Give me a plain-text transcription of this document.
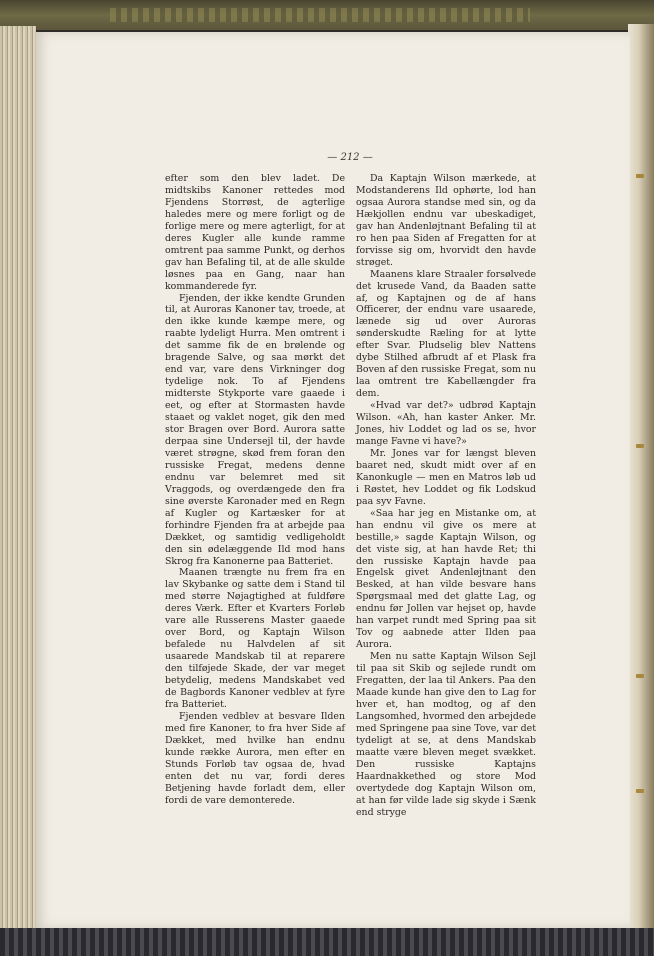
— 212 —

efter som den blev ladet. De midtskibs Kanoner rettedes mod Fjendens Storrøst, de agterlige haledes mere og mere forligt og de forlige mere og mere agterligt, for at deres Kugler alle kunde ramme omtrent paa samme Punkt, og derhos gav han Befaling til, at de alle skulde løsnes paa en Gang, naar han kommanderede fyr.

Fjenden, der ikke kendte Grunden til, at Auroras Kanoner tav, troede, at den ikke kunde kæmpe mere, og raabte lydeligt Hurra. Men omtrent i det samme fik de en brølende og bragende Salve, og saa mørkt det end var, vare dens Virkninger dog tydelige nok. To af Fjendens midterste Stykporte vare gaaede i eet, og efter at Stormasten havde staaet og vaklet noget, gik den med stor Bragen over Bord. Aurora satte derpaa sine Undersejl til, der havde været strøgne, skød frem foran den russiske Fregat, medens denne endnu var belemret med sit Vraggods, og overdængede den fra sine øverste Karonader med en Regn af Kugler og Kartæsker for at forhindre Fjenden fra at arbejde paa Dækket, og samtidig vedligeholdt den sin ødelæggende Ild mod hans Skrog fra Kanonerne paa Batteriet.

Maanen trængte nu frem fra en lav Skybanke og satte dem i Stand til med større Nøjagtighed at fuldføre deres Værk. Efter et Kvarters Forløb vare alle Russerens Master gaaede over Bord, og Kaptajn Wilson befalede nu Halvdelen af sit usaarede Mandskab til at reparere den tilføjede Skade, der var meget betydelig, medens Mandskabet ved de Bagbords Kanoner vedblev at fyre fra Batteriet.

Fjenden vedblev at besvare Ilden med fire Kanoner, to fra hver Side af Dækket, med hvilke han endnu kunde række Aurora, men efter en Stunds Forløb tav ogsaa de, hvad enten det nu var, fordi deres Betjening havde forladt dem, eller fordi de vare demonterede.

Da Kaptajn Wilson mærkede, at Modstanderens Ild ophørte, lod han ogsaa Aurora standse med sin, og da Hækjollen endnu var ubeskadiget, gav han Andenløjtnant Befaling til at ro hen paa Siden af Fregatten for at forvisse sig om, hvorvidt den havde strøget.

Maanens klare Straaler forsølvede det krusede Vand, da Baaden satte af, og Kaptajnen og de af hans Officerer, der endnu vare usaarede, lænede sig ud over Auroras sønderskudte Ræling for at lytte efter Svar. Pludselig blev Nattens dybe Stilhed afbrudt af et Plask fra Boven af den russiske Fregat, som nu laa omtrent tre Kabellængder fra dem.

«Hvad var det?» udbrød Kaptajn Wilson. «Ah, han kaster Anker. Mr. Jones, hiv Loddet og lad os se, hvor mange Favne vi have?»

Mr. Jones var for længst bleven baaret ned, skudt midt over af en Kanonkugle — men en Matros løb ud i Røstet, hev Loddet og fik Lodskud paa syv Favne.

«Saa har jeg en Mistanke om, at han endnu vil give os mere at bestille,» sagde Kaptajn Wilson, og det viste sig, at han havde Ret; thi den russiske Kaptajn havde paa Engelsk givet Andenløjtnant den Besked, at han vilde besvare hans Spørgsmaal med det glatte Lag, og endnu før Jollen var hejset op, havde han varpet rundt med Spring paa sit Tov og aabnede atter Ilden paa Aurora.

Men nu satte Kaptajn Wilson Sejl til paa sit Skib og sejlede rundt om Fregatten, der laa til Ankers. Paa den Maade kunde han give den to Lag for hver et, han modtog, og af den Langsomhed, hvormed den arbejdede med Springene paa sine Tove, var det tydeligt at se, at dens Mandskab maatte være bleven meget svækket. Den russiske Kaptajns Haardnakkethed og store Mod overtydede dog Kaptajn Wilson om, at han før vilde lade sig skyde i Sænk end stryge
